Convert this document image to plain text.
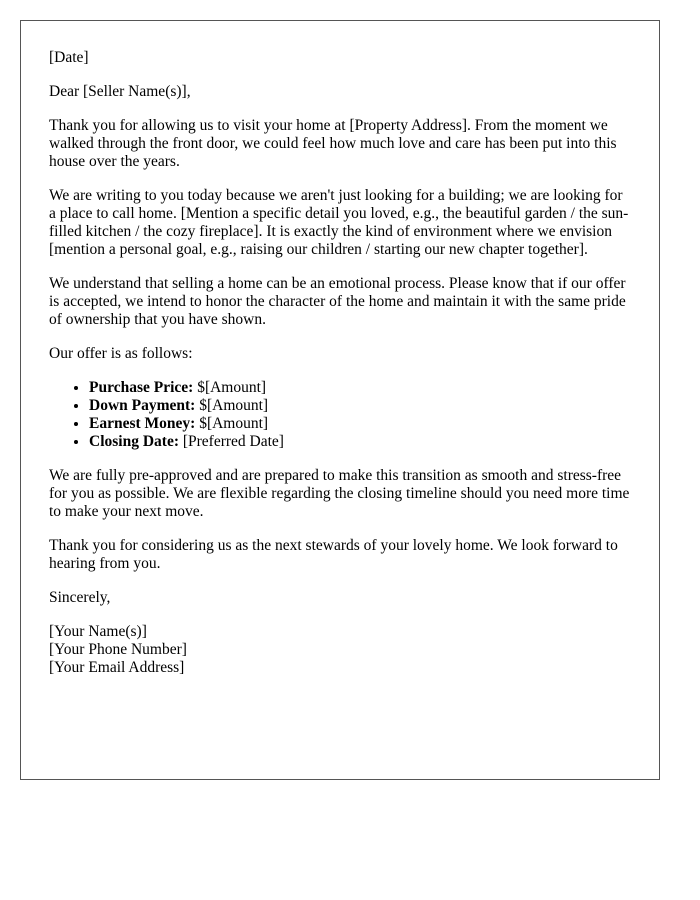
[Date]

Dear [Seller Name(s)],

Thank you for allowing us to visit your home at [Property Address]. From the moment we walked through the front door, we could feel how much love and care has been put into this house over the years.

We are writing to you today because we aren't just looking for a building; we are looking for a place to call home. [Mention a specific detail you loved, e.g., the beautiful garden / the sun-filled kitchen / the cozy fireplace]. It is exactly the kind of environment where we envision [mention a personal goal, e.g., raising our children / starting our new chapter together].

We understand that selling a home can be an emotional process. Please know that if our offer is accepted, we intend to honor the character of the home and maintain it with the same pride of ownership that you have shown.

Our offer is as follows:

• Purchase Price: $[Amount]
• Down Payment: $[Amount]
• Earnest Money: $[Amount]
• Closing Date: [Preferred Date]

We are fully pre-approved and are prepared to make this transition as smooth and stress-free for you as possible. We are flexible regarding the closing timeline should you need more time to make your next move.

Thank you for considering us as the next stewards of your lovely home. We look forward to hearing from you.

Sincerely,

[Your Name(s)]
[Your Phone Number]
[Your Email Address]
